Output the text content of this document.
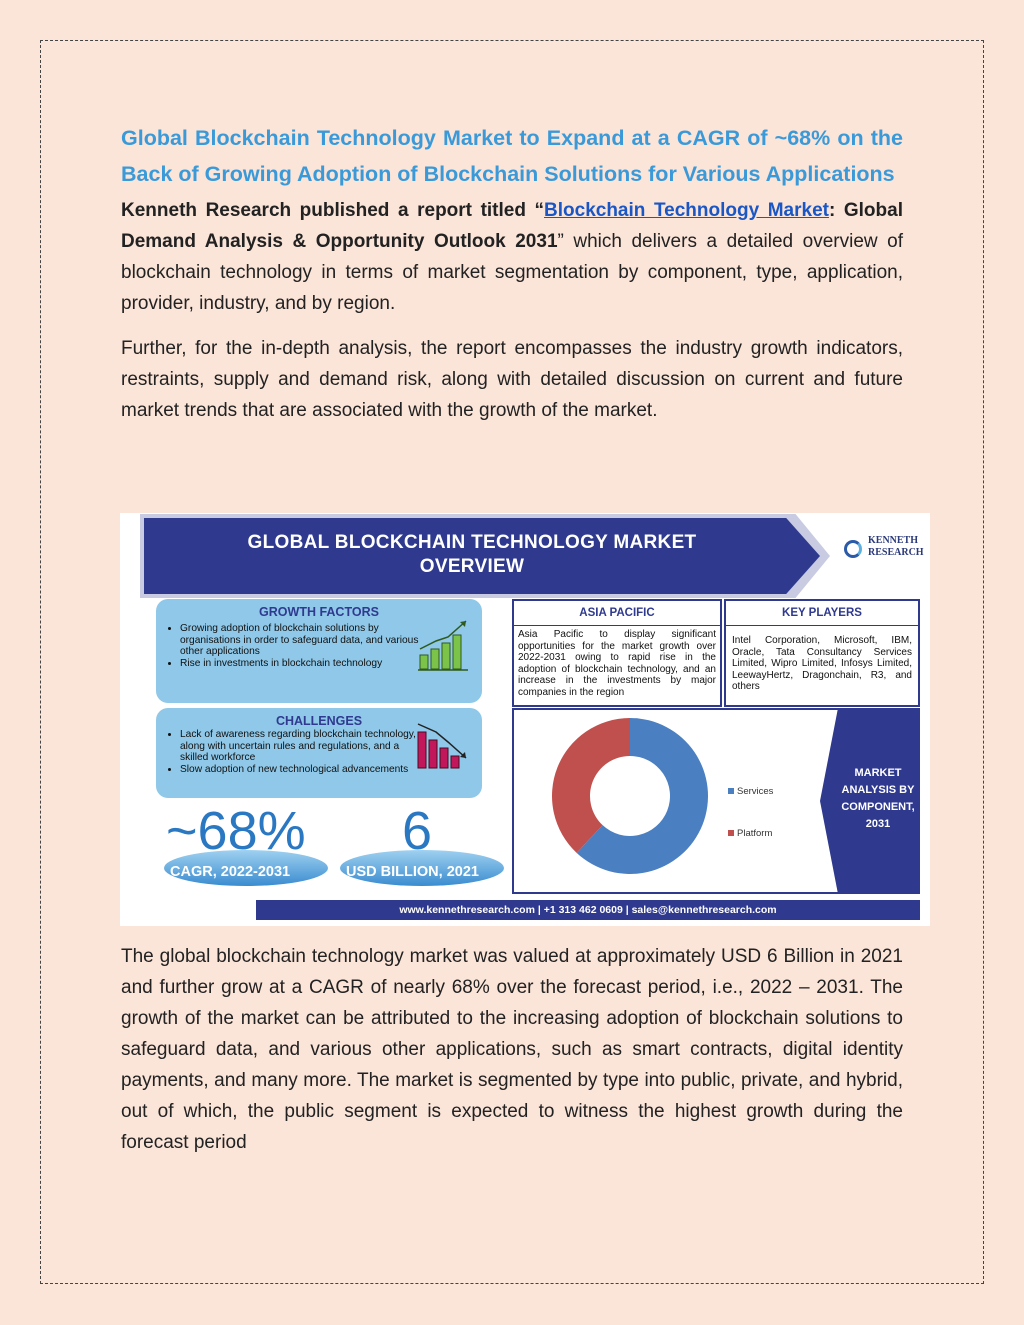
Global Blockchain Technology Market to Expand at a CAGR of ~68% on the Back of Growing Adoption of Blockchain Solutions for Various Applications

Kenneth Research published a report titled “Blockchain Technology Market: Global Demand Analysis & Opportunity Outlook 2031” which delivers a detailed overview of blockchain technology in terms of market segmentation by component, type, application, provider, industry, and by region.

Further, for the in-depth analysis, the report encompasses the industry growth indicators, restraints, supply and demand risk, along with detailed discussion on current and future market trends that are associated with the growth of the market.

GLOBAL BLOCKCHAIN TECHNOLOGY MARKET
OVERVIEW
KENNETH
RESEARCH
GROWTH FACTORS
• Growing adoption of blockchain solutions by organisations in order to safeguard data, and various other applications
• Rise in investments in blockchain technology
CHALLENGES
• Lack of awareness regarding blockchain technology, along with uncertain rules and regulations, and a skilled workforce
• Slow adoption of new technological advancements
~68% 6
CAGR, 2022-2031	USD BILLION, 2021
ASIA PACIFIC
Asia Pacific to display significant opportunities for the market growth over 2022-2031 owing to rapid rise in the adoption of blockchain technology, and an increase in the investments by major companies in the region
KEY PLAYERS
Intel Corporation, Microsoft, IBM, Oracle, Tata Consultancy Services Limited, Wipro Limited, Infosys Limited, LeewayHertz, Dragonchain, R3, and others
Services
Platform
MARKET ANALYSIS BY COMPONENT, 2031
www.kennethresearch.com | +1 313 462 0609 | sales@kennethresearch.com

The global blockchain technology market was valued at approximately USD 6 Billion in 2021 and further grow at a CAGR of nearly 68% over the forecast period, i.e., 2022 – 2031. The growth of the market can be attributed to the increasing adoption of blockchain solutions to safeguard data, and various other applications, such as smart contracts, digital identity payments, and many more. The market is segmented by type into public, private, and hybrid, out of which, the public segment is expected to witness the highest growth during the forecast period
